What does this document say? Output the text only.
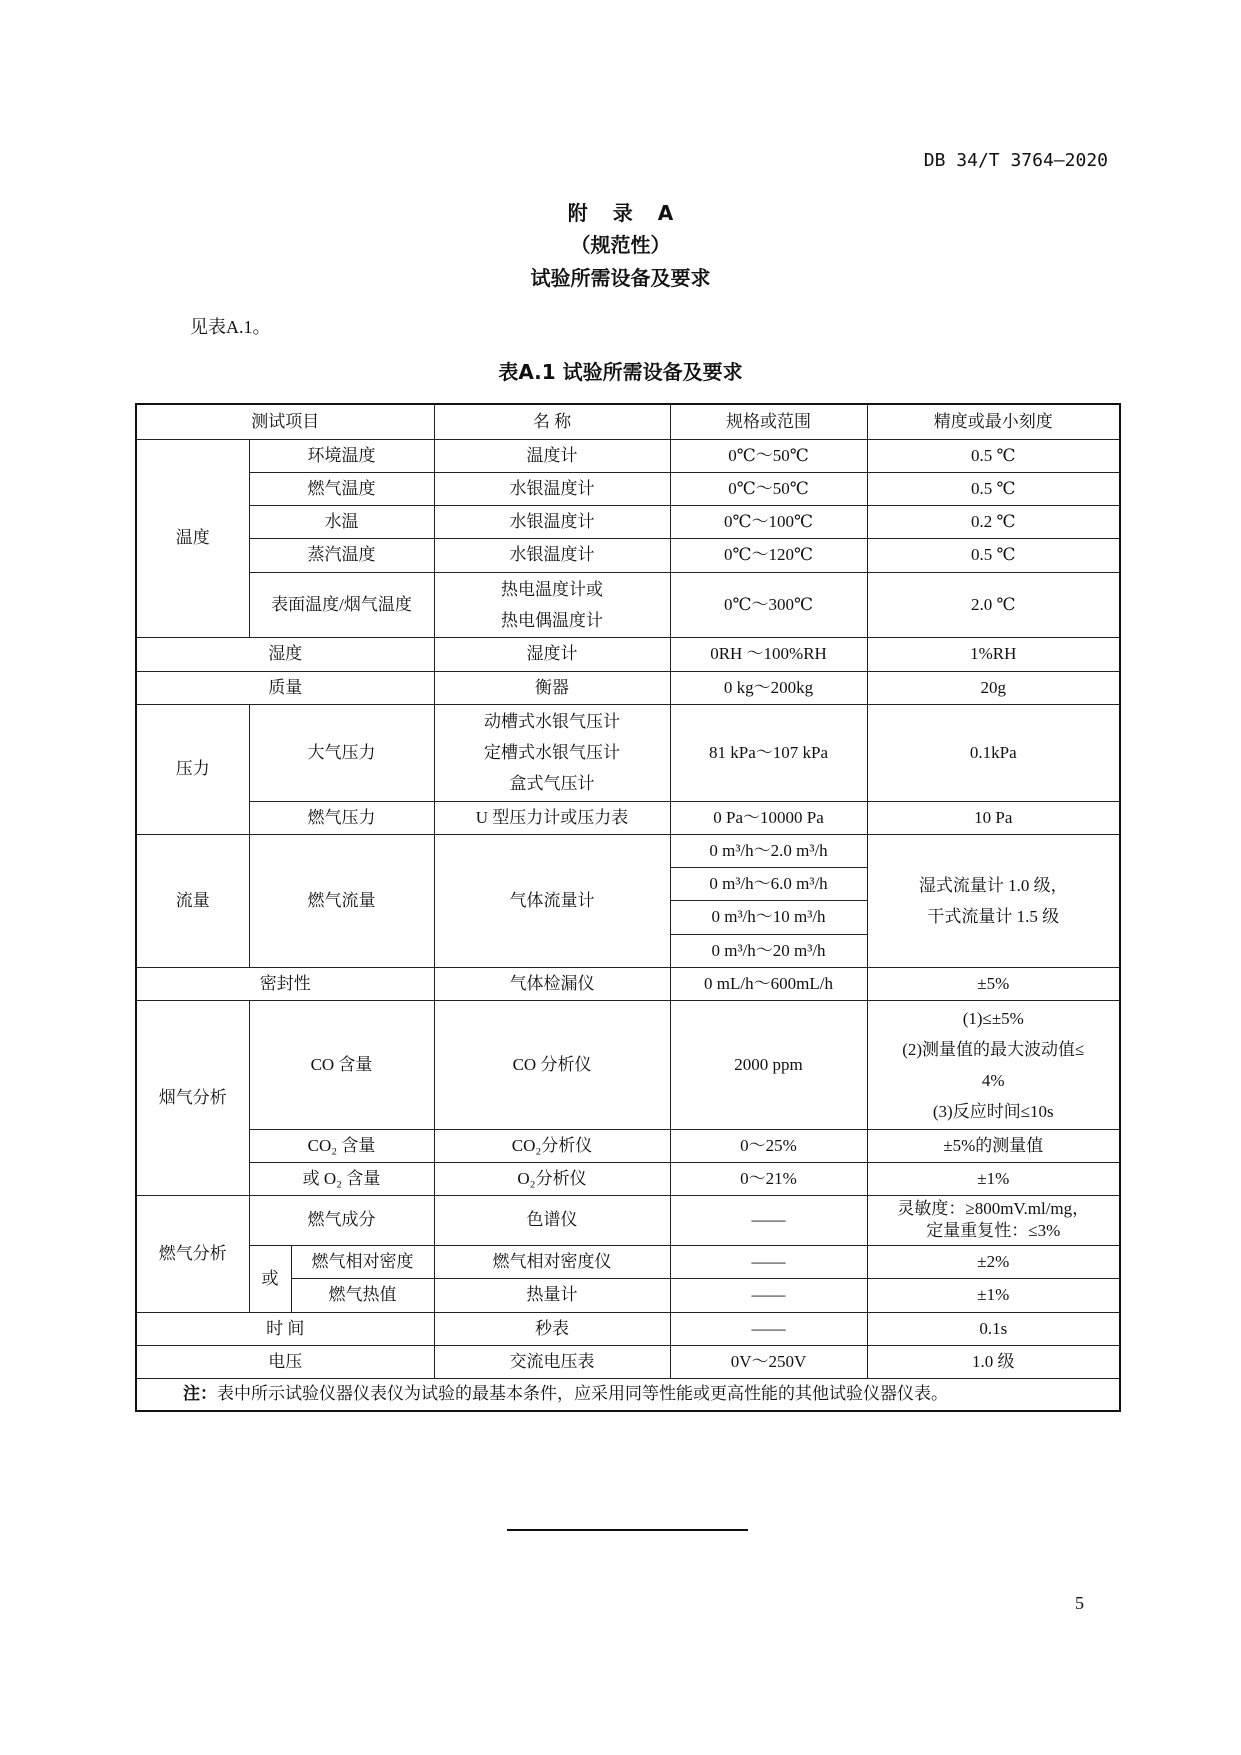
DB 34/T 3764—2020
附 录 A
（规范性）
试验所需设备及要求
见表A.1。
表A.1 试验所需设备及要求
测试项目			名 称	规格或范围	精度或最小刻度
温度	环境温度		温度计	0℃～50℃	0.5 ℃
	燃气温度		水银温度计	0℃～50℃	0.5 ℃
	水温		水银温度计	0℃～100℃	0.2 ℃
	蒸汽温度		水银温度计	0℃～120℃	0.5 ℃
	表面温度/烟气温度		热电温度计或
热电偶温度计	0℃～300℃	2.0 ℃
湿度			湿度计	0RH ～100%RH	1%RH
质量			衡器	0 kg～200kg	20g
压力	大气压力		动槽式水银气压计
定槽式水银气压计
盒式气压计	81 kPa～107 kPa	0.1kPa
	燃气压力		U 型压力计或压力表	0 Pa～10000 Pa	10 Pa
流量	燃气流量		气体流量计	0 m³/h～2.0 m³/h	湿式流量计 1.0 级，
干式流量计 1.5 级

				0 m³/h～6.0 m³/h	
				0 m³/h～10 m³/h	
				0 m³/h～20 m³/h	
密封性			气体检漏仪	0 mL/h～600mL/h	±5%
烟气分析	CO 含量		CO 分析仪	2000 ppm	(1)≤±5%
(2)测量值的最大波动值≤
4%
(3)反应时间≤10s

	CO₂ 含量		CO₂分析仪	0～25%	±5%的测量值
	或 O₂ 含量		O₂分析仪	0～21%	±1%
燃气分析	燃气成分		色谱仪	——	灵敏度：≥800mV.ml/mg，
定量重复性：≤3%

	或	燃气相对密度	燃气相对密度仪	——	±2%
		燃气热值	热量计	——	±1%
时 间			秒表	——	0.1s
电压			交流电压表	0V～250V	1.0 级
注：表中所示试验仪器仪表仪为试验的最基本条件，应采用同等性能或更高性能的其他试验仪器仪表。					
5
